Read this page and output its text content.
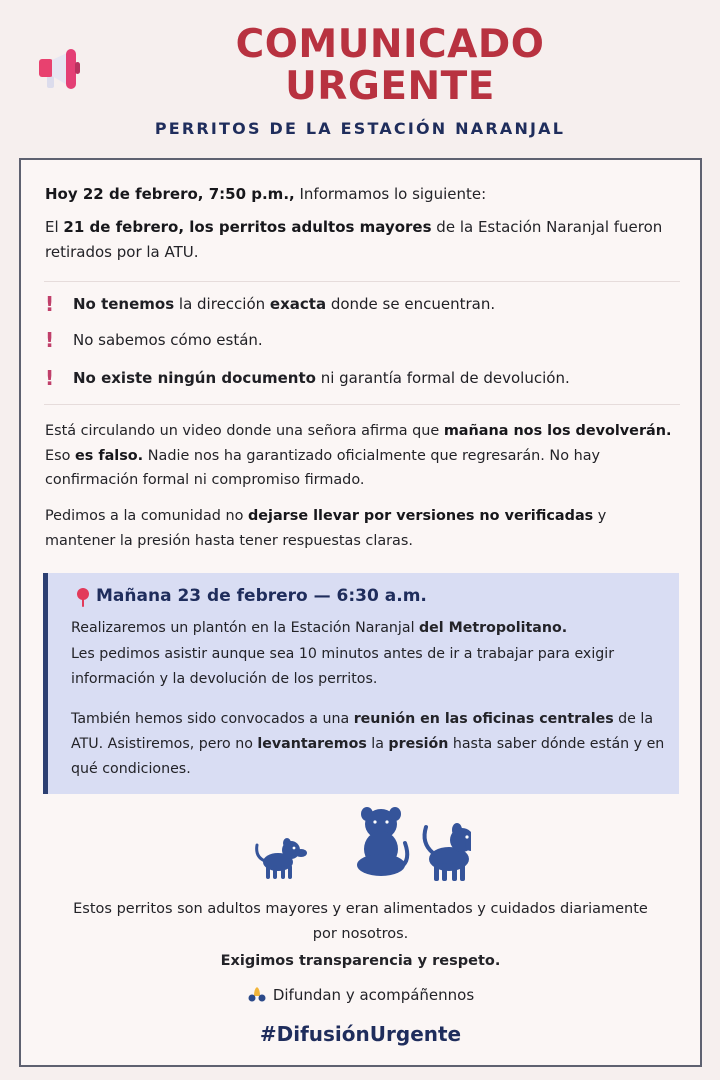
COMUNICADO
URGENTE
PERRITOS DE LA ESTACIÓN NARANJAL
Hoy 22 de febrero, 7:50 p.m., Informamos lo siguiente:
El 21 de febrero, los perritos adultos mayores de la Estación Naranjal fueron retirados por la ATU.
!	No tenemos la dirección exacta donde se encuentran.
!	No sabemos cómo están.
!	No existe ningún documento ni garantía formal de devolución.
Está circulando un video donde una señora afirma que mañana nos los devolverán. Eso es falso. Nadie nos ha garantizado oficialmente que regresarán. No hay confirmación formal ni compromiso firmado.
Pedimos a la comunidad no dejarse llevar por versiones no verificadas y mantener la presión hasta tener respuestas claras.
Mañana 23 de febrero — 6:30 a.m.
Realizaremos un plantón en la Estación Naranjal del Metropolitano.
Les pedimos asistir aunque sea 10 minutos antes de ir a trabajar para exigir información y la devolución de los perritos.
También hemos sido convocados a una reunión en las oficinas centrales de la ATU. Asistiremos, pero no levantaremos la presión hasta saber dónde están y en qué condiciones.
Estos perritos son adultos mayores y eran alimentados y cuidados diariamente por nosotros.
Exigimos transparencia y respeto.
Difundan y acompáñennos
#DifusiónUrgente
